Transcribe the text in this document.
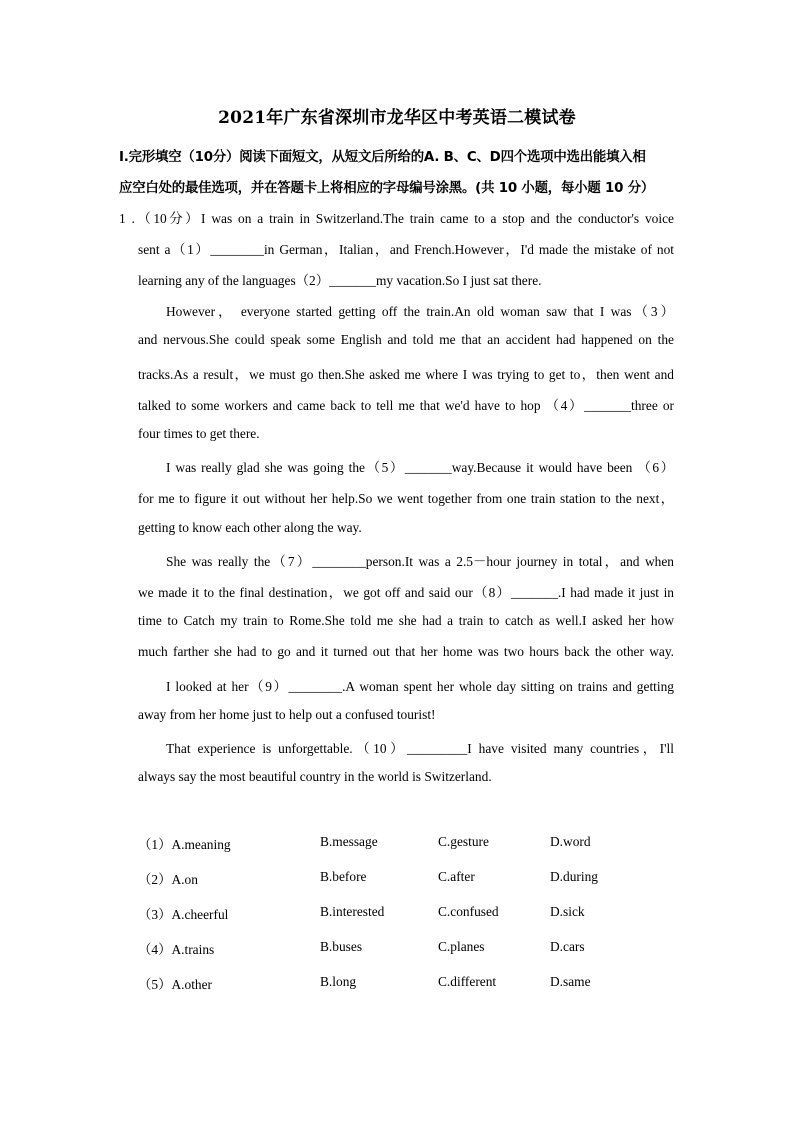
2021年广东省深圳市龙华区中考英语二模试卷
I.完形填空（10分）阅读下面短文，从短文后所给的A. B、C、D四个选项中选出能填入相
应空白处的最佳选项，并在答题卡上将相应的字母编号涂黑。(共 10 小题，每小题 10 分）
1 .（10分）I was on a train in Switzerland.The train came to a stop and the conductor's voice
sent a（1）________in German，Italian，and French.However，I'd made the mistake of not
learning any of the languages（2）_______my vacation.So I just sat there.
However， everyone started getting off the train.An old woman saw that I was（3）
and nervous.She could speak some English and told me that an accident had happened on the
tracks.As a result，we must go then.She asked me where I was trying to get to，then went and
talked to some workers and came back to tell me that we'd have to hop （4）_______three or
four times to get there.
I was really glad she was going the（5）_______way.Because it would have been （6）
for me to figure it out without her help.So we went together from one train station to the next，
getting to know each other along the way.
She was really the（7）________person.It was a 2.5－hour journey in total，and when
we made it to the final destination，we got off and said our（8）_______.I had made it just in
time to Catch my train to Rome.She told me she had a train to catch as well.I asked her how
much farther she had to go and it turned out that her home was two hours back the other way.
I looked at her（9）________.A woman spent her whole day sitting on trains and getting
away from her home just to help out a confused tourist!
That experience is unforgettable.（10）_________I have visited many countries，I'll
always say the most beautiful country in the world is Switzerland.
（1）A.meaning	B.message	C.gesture	D.word
（2）A.on	B.before	C.after	D.during
（3）A.cheerful	B.interested	C.confused	D.sick
（4）A.trains	B.buses	C.planes	D.cars
（5）A.other	B.long	C.different	D.same
